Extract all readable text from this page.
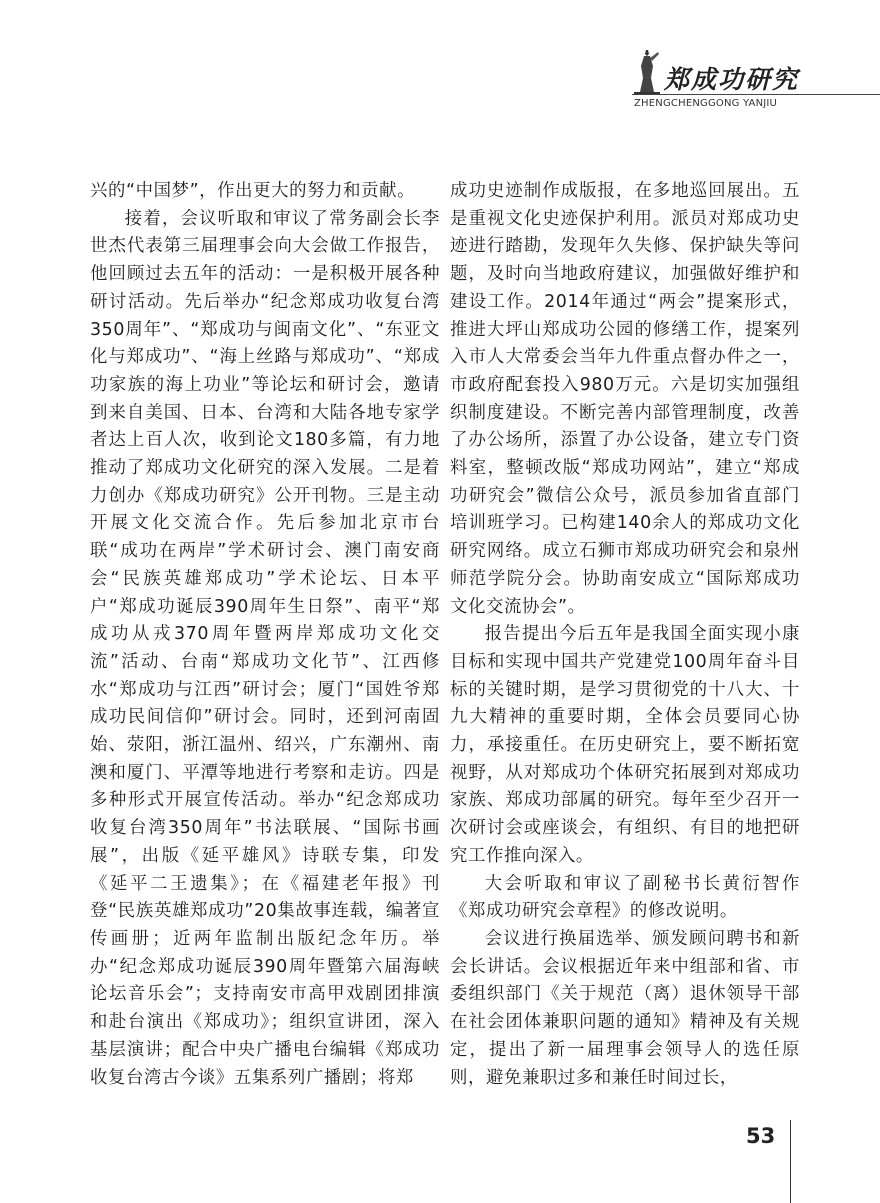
郑成功研究
ZHENGCHENGGONG YANJIU

兴的“中国梦”，作出更大的努力和贡献。

接着，会议听取和审议了常务副会长李世杰代表第三届理事会向大会做工作报告，他回顾过去五年的活动：一是积极开展各种研讨活动。先后举办“纪念郑成功收复台湾350周年”、“郑成功与闽南文化”、“东亚文化与郑成功”、“海上丝路与郑成功”、“郑成功家族的海上功业”等论坛和研讨会，邀请到来自美国、日本、台湾和大陆各地专家学者达上百人次，收到论文180多篇，有力地推动了郑成功文化研究的深入发展。二是着力创办《郑成功研究》公开刊物。三是主动开展文化交流合作。先后参加北京市台联“成功在两岸”学术研讨会、澳门南安商会“民族英雄郑成功”学术论坛、日本平户“郑成功诞辰390周年生日祭”、南平“郑成功从戎370周年暨两岸郑成功文化交流”活动、台南“郑成功文化节”、江西修水“郑成功与江西”研讨会；厦门“国姓爷郑成功民间信仰”研讨会。同时，还到河南固始、荥阳，浙江温州、绍兴，广东潮州、南澳和厦门、平潭等地进行考察和走访。四是多种形式开展宣传活动。举办“纪念郑成功收复台湾350周年”书法联展、“国际书画展”，出版《延平雄风》诗联专集，印发《延平二王遗集》；在《福建老年报》刊登“民族英雄郑成功”20集故事连载，编著宣传画册；近两年监制出版纪念年历。举办“纪念郑成功诞辰390周年暨第六届海峡论坛音乐会”；支持南安市高甲戏剧团排演和赴台演出《郑成功》；组织宣讲团，深入基层演讲；配合中央广播电台编辑《郑成功收复台湾古今谈》五集系列广播剧；将郑

成功史迹制作成版报，在多地巡回展出。五是重视文化史迹保护利用。派员对郑成功史迹进行踏勘，发现年久失修、保护缺失等问题，及时向当地政府建议，加强做好维护和建设工作。2014年通过“两会”提案形式，推进大坪山郑成功公园的修缮工作，提案列入市人大常委会当年九件重点督办件之一，市政府配套投入980万元。六是切实加强组织制度建设。不断完善内部管理制度，改善了办公场所，添置了办公设备，建立专门资料室，整顿改版“郑成功网站”，建立“郑成功研究会”微信公众号，派员参加省直部门培训班学习。已构建140余人的郑成功文化研究网络。成立石狮市郑成功研究会和泉州师范学院分会。协助南安成立“国际郑成功文化交流协会”。

报告提出今后五年是我国全面实现小康目标和实现中国共产党建党100周年奋斗目标的关键时期，是学习贯彻党的十八大、十九大精神的重要时期，全体会员要同心协力，承接重任。在历史研究上，要不断拓宽视野，从对郑成功个体研究拓展到对郑成功家族、郑成功部属的研究。每年至少召开一次研讨会或座谈会，有组织、有目的地把研究工作推向深入。

大会听取和审议了副秘书长黄衍智作《郑成功研究会章程》的修改说明。

会议进行换届选举、颁发顾问聘书和新会长讲话。会议根据近年来中组部和省、市委组织部门《关于规范（离）退休领导干部在社会团体兼职问题的通知》精神及有关规定，提出了新一届理事会领导人的选任原则，避免兼职过多和兼任时间过长，

53
